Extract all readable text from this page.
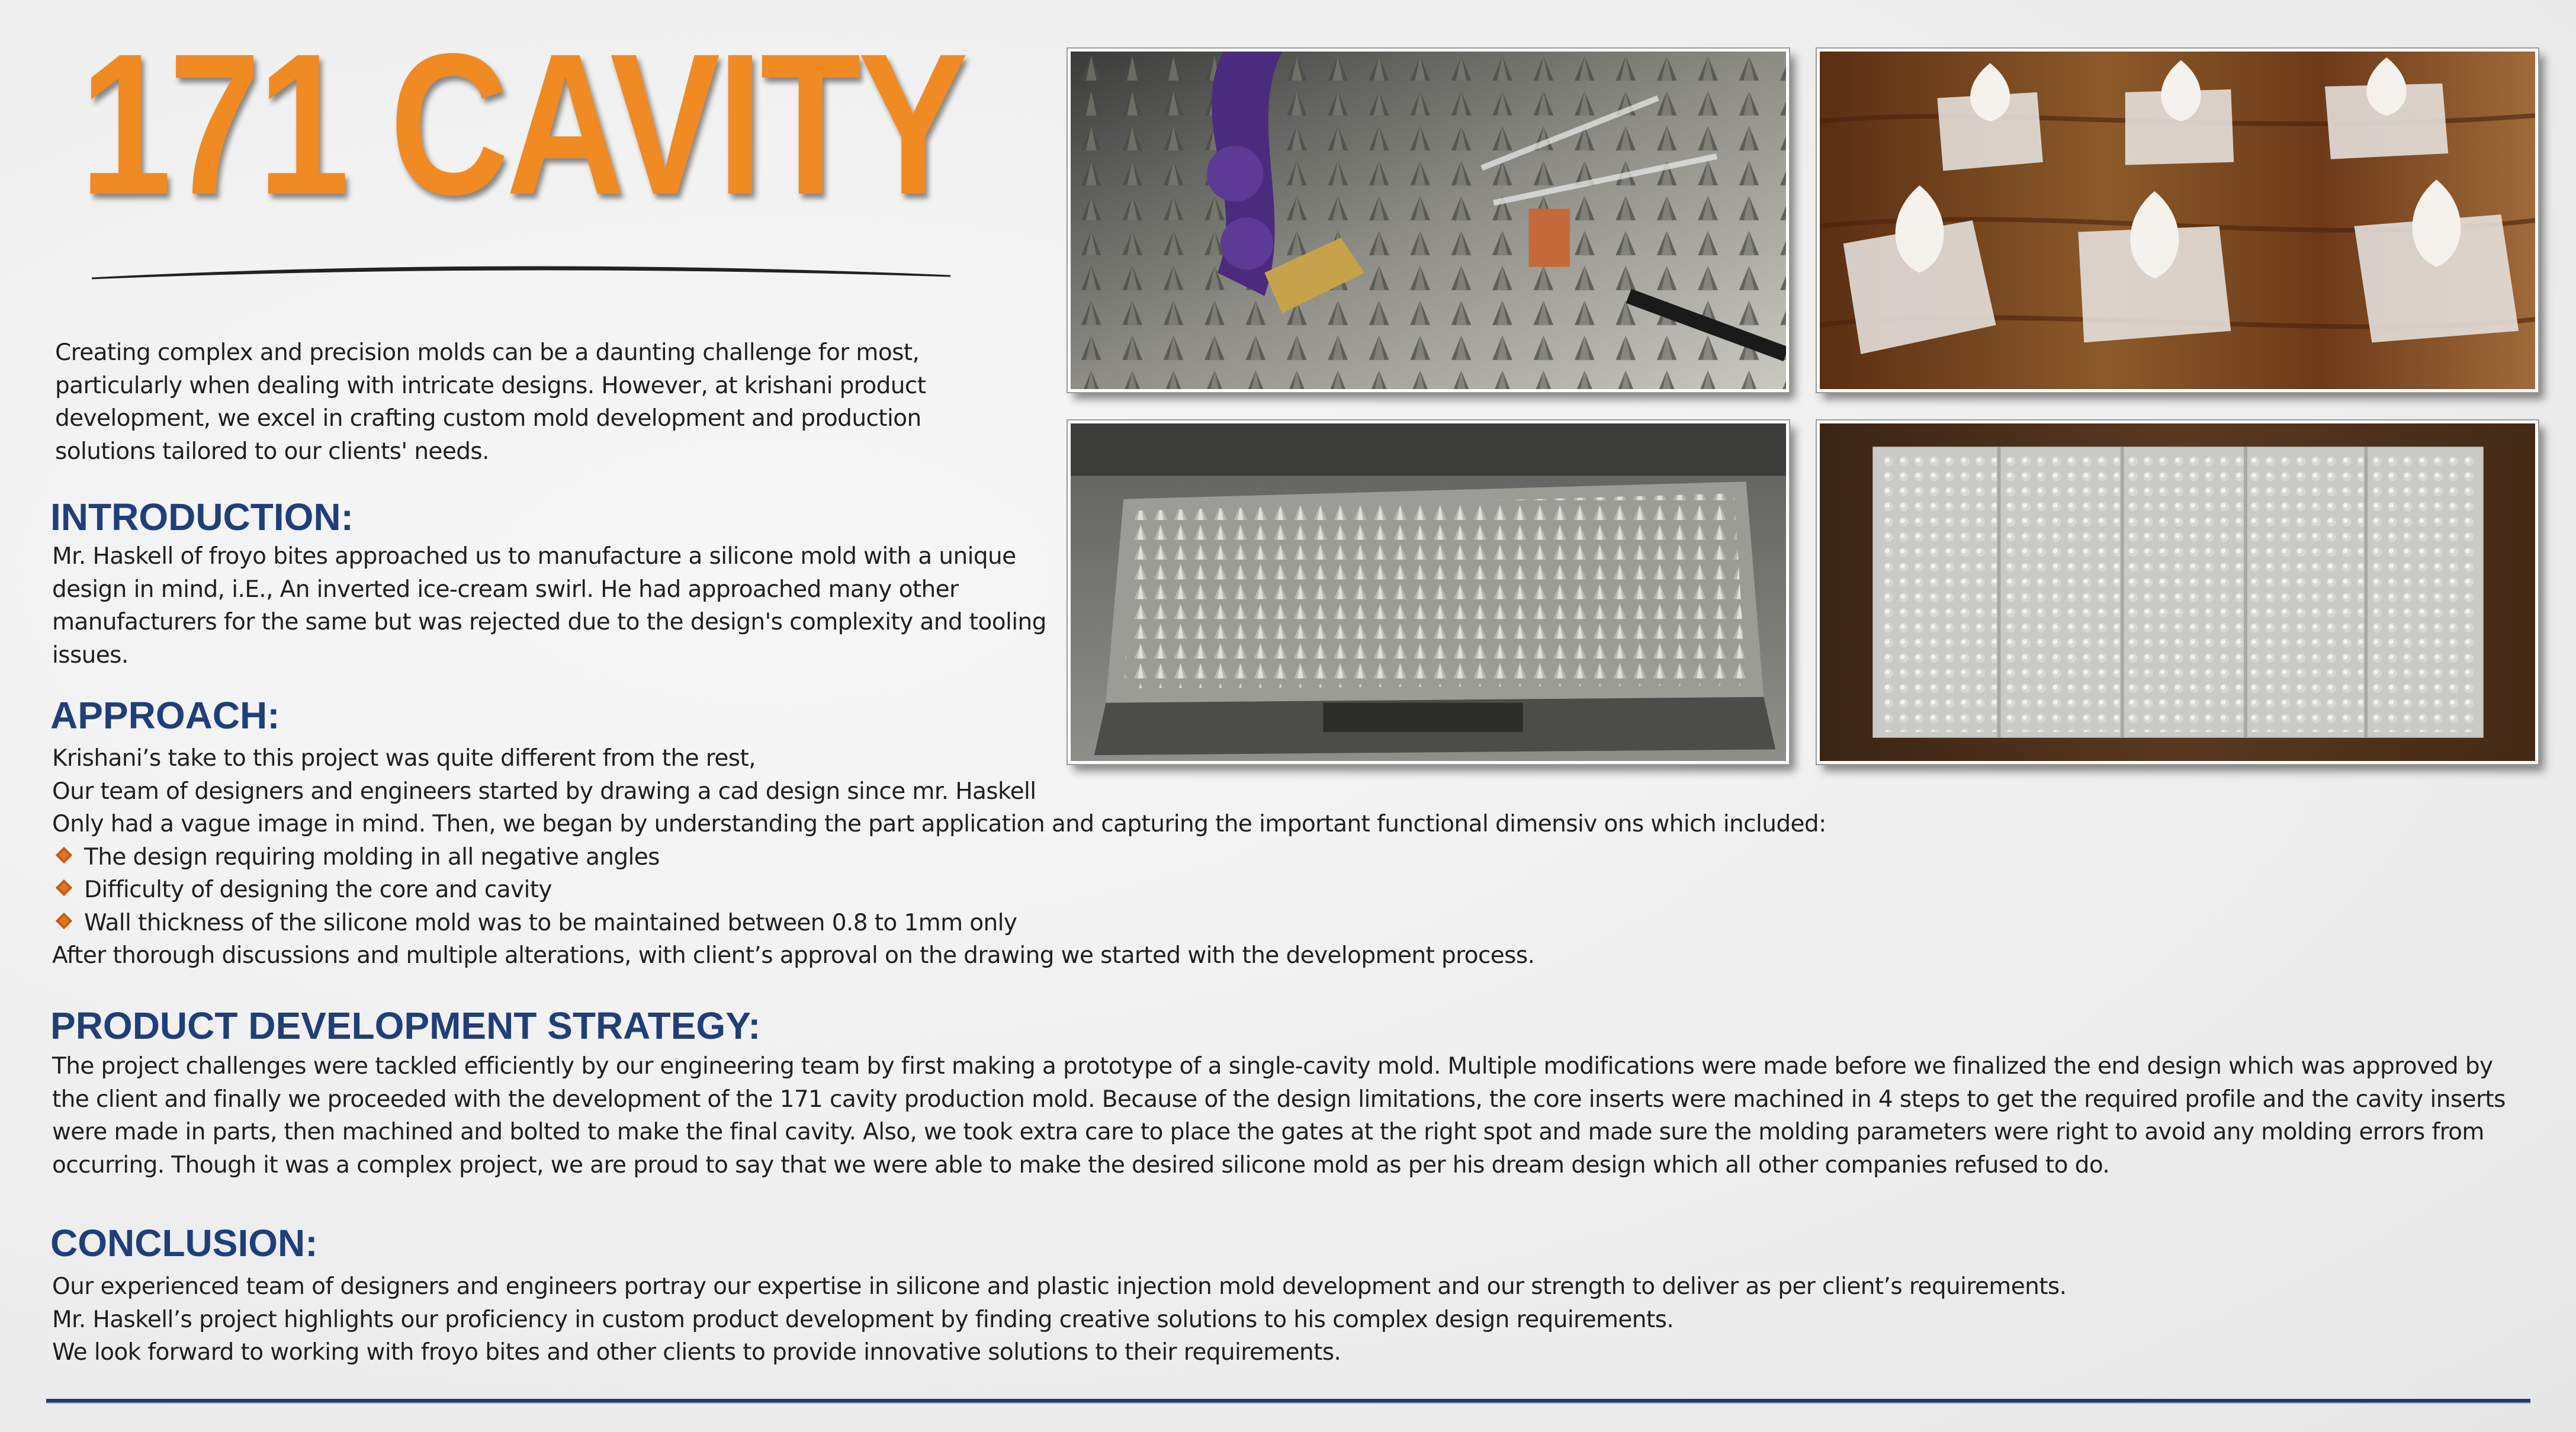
171 CAVITY
Creating complex and precision molds can be a daunting challenge for most,
particularly when dealing with intricate designs. However, at krishani product
development, we excel in crafting custom mold development and production
solutions tailored to our clients' needs.
INTRODUCTION:
Mr. Haskell of froyo bites approached us to manufacture a silicone mold with a unique
design in mind, i.E., An inverted ice-cream swirl. He had approached many other
manufacturers for the same but was rejected due to the design's complexity and tooling
issues.
APPROACH:
Krishani’s take to this project was quite different from the rest,
Our team of designers and engineers started by drawing a cad design since mr. Haskell
Only had a vague image in mind. Then, we began by understanding the part application and capturing the important functional dimensiv ons which included:
The design requiring molding in all negative angles
Difficulty of designing the core and cavity
Wall thickness of the silicone mold was to be maintained between 0.8 to 1mm only
After thorough discussions and multiple alterations, with client’s approval on the drawing we started with the development process.
PRODUCT DEVELOPMENT STRATEGY:
The project challenges were tackled efficiently by our engineering team by first making a prototype of a single-cavity mold. Multiple modifications were made before we finalized the end design which was approved by
the client and finally we proceeded with the development of the 171 cavity production mold. Because of the design limitations, the core inserts were machined in 4 steps to get the required profile and the cavity inserts
were made in parts, then machined and bolted to make the final cavity. Also, we took extra care to place the gates at the right spot and made sure the molding parameters were right to avoid any molding errors from
occurring. Though it was a complex project, we are proud to say that we were able to make the desired silicone mold as per his dream design which all other companies refused to do.
CONCLUSION:
Our experienced team of designers and engineers portray our expertise in silicone and plastic injection mold development and our strength to deliver as per client’s requirements.
Mr. Haskell’s project highlights our proficiency in custom product development by finding creative solutions to his complex design requirements.
We look forward to working with froyo bites and other clients to provide innovative solutions to their requirements.
